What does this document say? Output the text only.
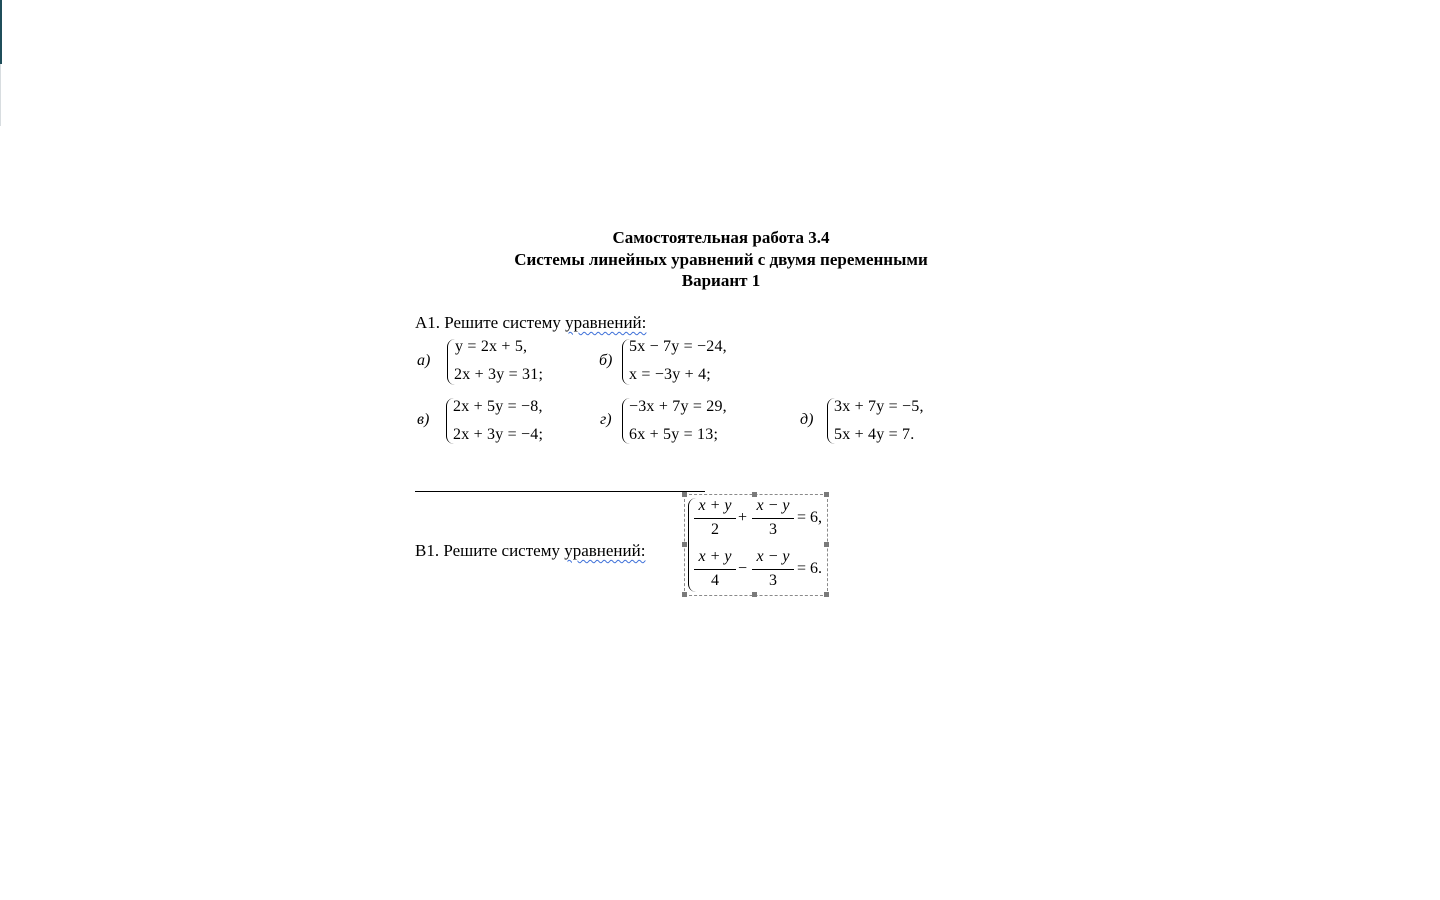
Самостоятельная работа 3.4
Системы линейных уравнений с двумя переменными
Вариант 1
А1. Решите систему уравнений:
а)
y = 2x + 5,
2x + 3y = 31;
б)
5x − 7y = −24,
x = −3y + 4;
в)
2x + 5y = −8,
2x + 3y = −4;
г)
−3x + 7y = 29,
6x + 5y = 13;
д)
3x + 7y = −5,
5x + 4y = 7.
В1. Решите систему уравнений:
x + y
2
+
x − y
3
= 6,
x + y
4
−
x − y
3
= 6.
